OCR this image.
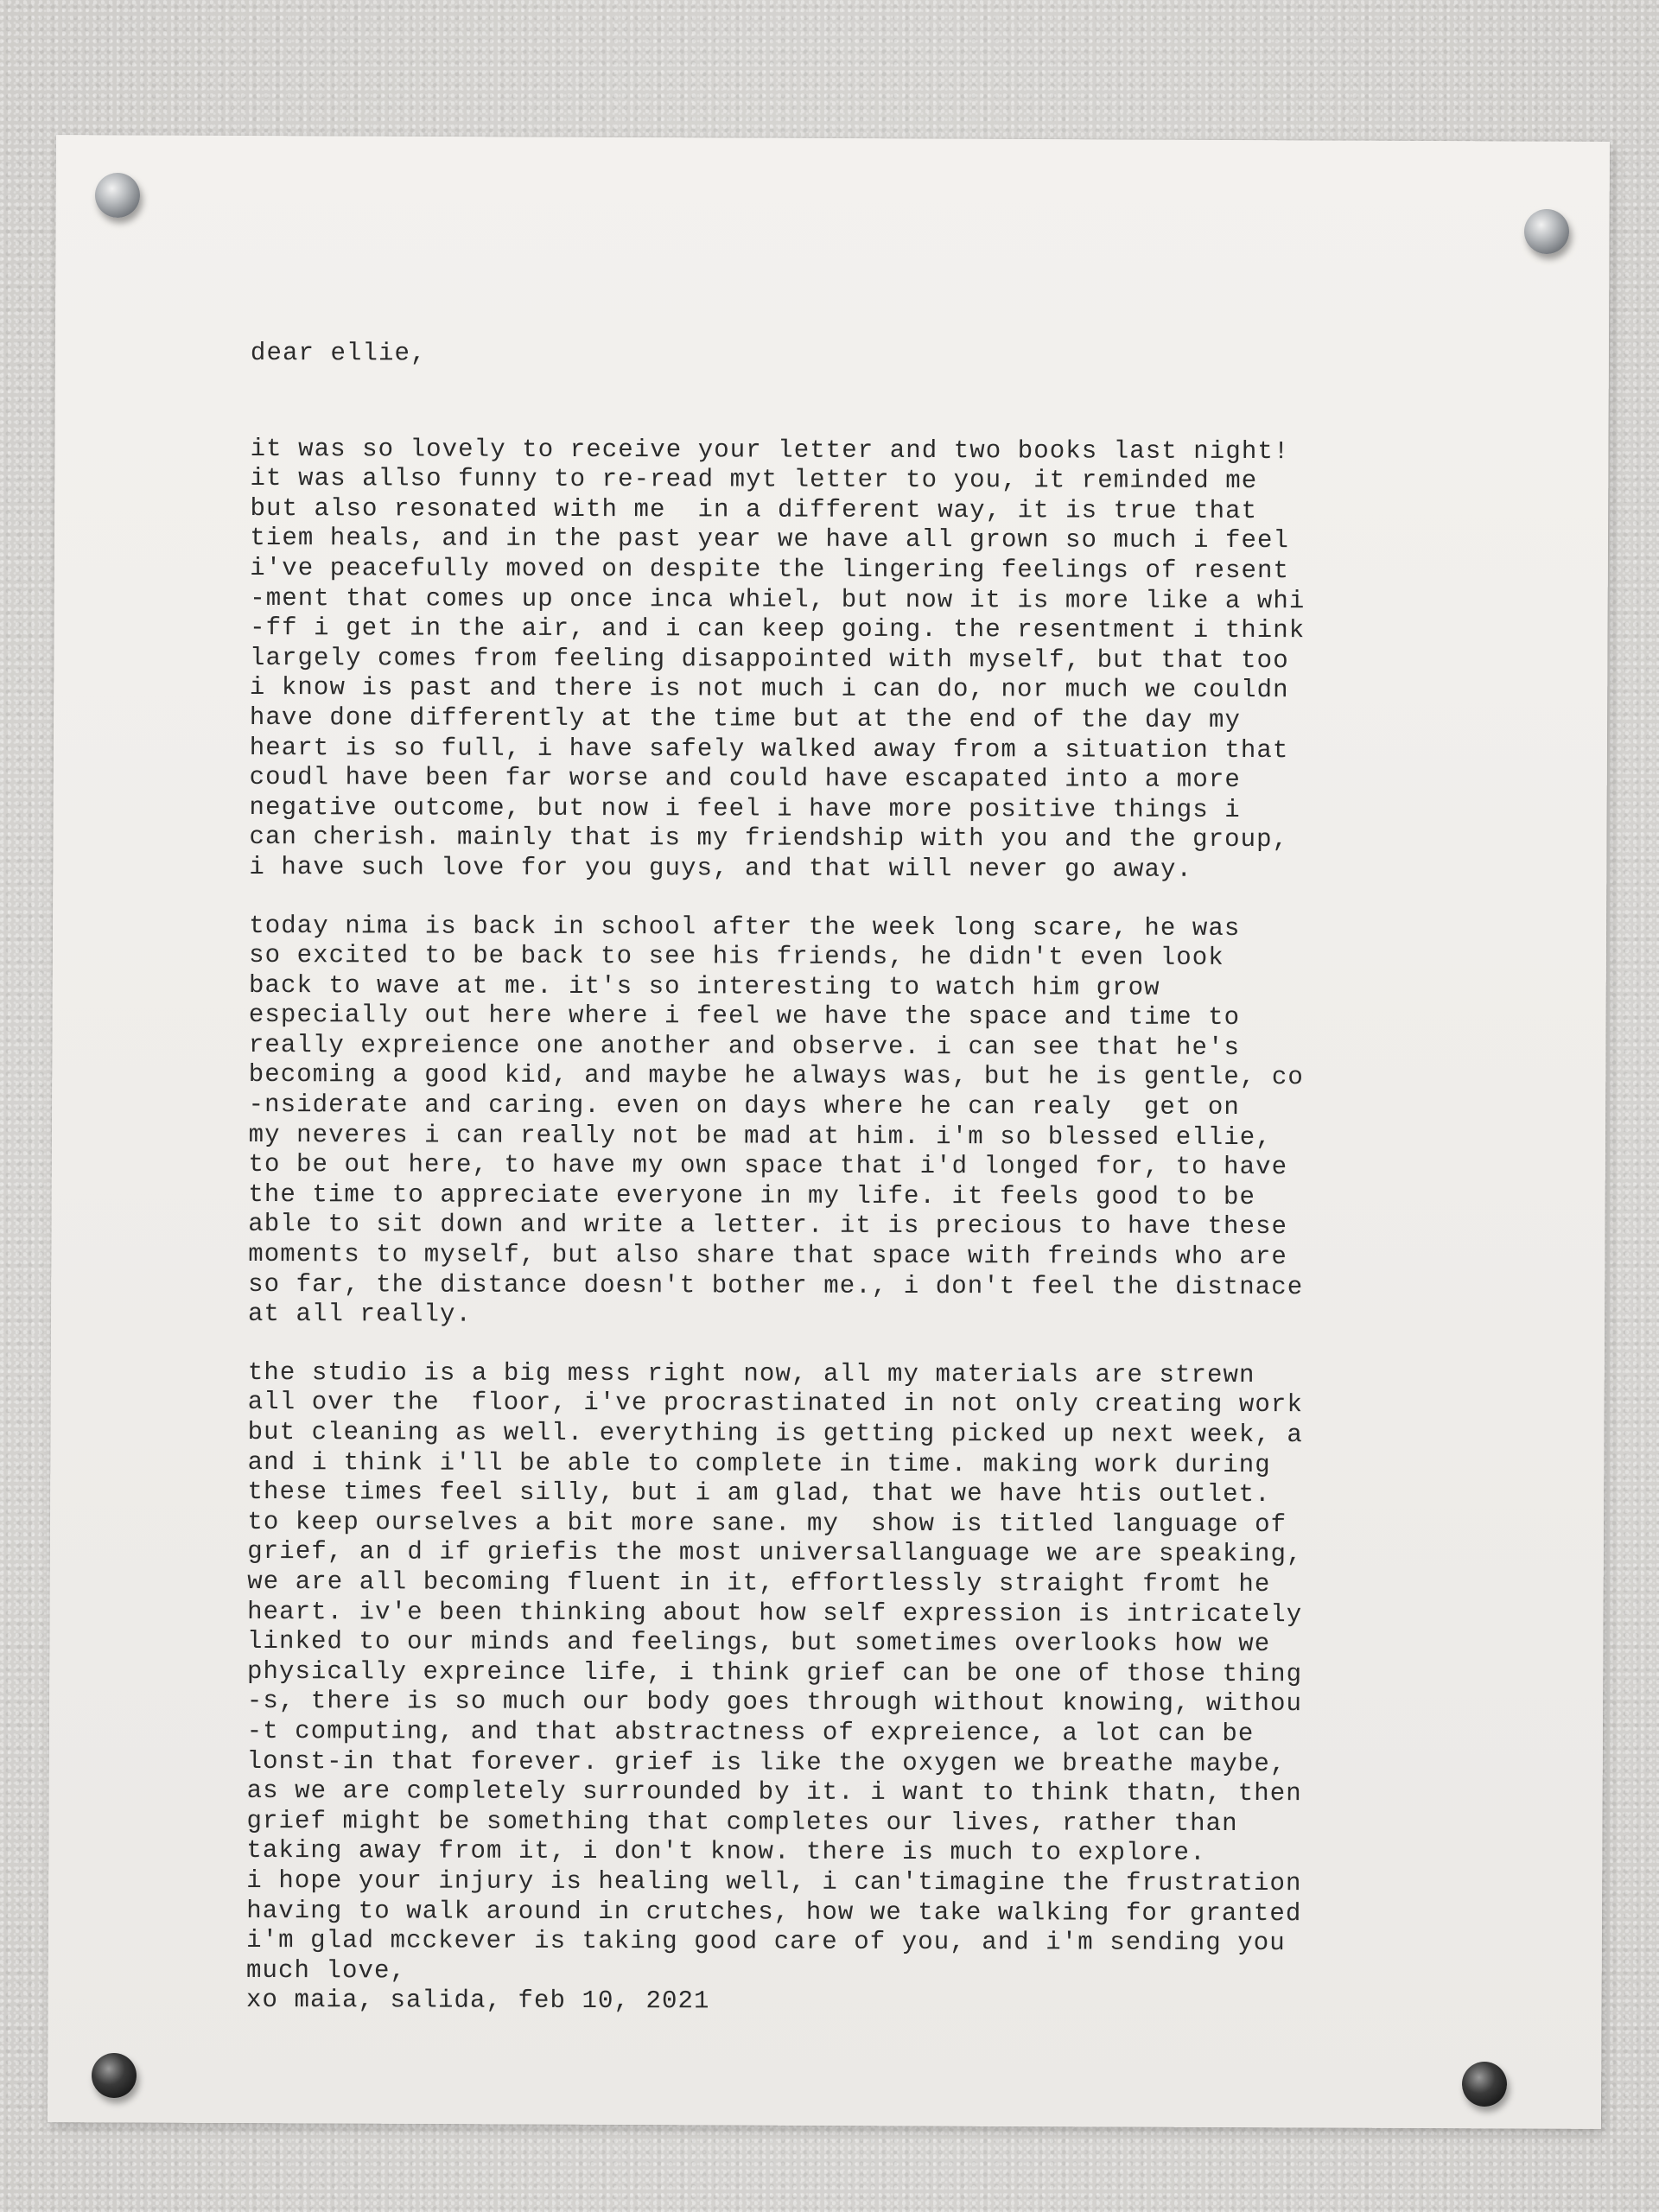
dear ellie,
it was so lovely to receive your letter and two books last night!
it was allso funny to re-read myt letter to you, it reminded me
but also resonated with me  in a different way, it is true that
tiem heals, and in the past year we have all grown so much i feel
i've peacefully moved on despite the lingering feelings of resent
-ment that comes up once inca whiel, but now it is more like a whi
-ff i get in the air, and i can keep going. the resentment i think
largely comes from feeling disappointed with myself, but that too
i know is past and there is not much i can do, nor much we couldn
have done differently at the time but at the end of the day my
heart is so full, i have safely walked away from a situation that
coudl have been far worse and could have escapated into a more
negative outcome, but now i feel i have more positive things i
can cherish. mainly that is my friendship with you and the group,
i have such love for you guys, and that will never go away.
today nima is back in school after the week long scare, he was
so excited to be back to see his friends, he didn't even look
back to wave at me. it's so interesting to watch him grow
especially out here where i feel we have the space and time to
really expreience one another and observe. i can see that he's
becoming a good kid, and maybe he always was, but he is gentle, co
-nsiderate and caring. even on days where he can realy  get on
my neveres i can really not be mad at him. i'm so blessed ellie,
to be out here, to have my own space that i'd longed for, to have
the time to appreciate everyone in my life. it feels good to be
able to sit down and write a letter. it is precious to have these
moments to myself, but also share that space with freinds who are
so far, the distance doesn't bother me., i don't feel the distnace
at all really.
the studio is a big mess right now, all my materials are strewn
all over the  floor, i've procrastinated in not only creating work
but cleaning as well. everything is getting picked up next week, a
and i think i'll be able to complete in time. making work during
these times feel silly, but i am glad, that we have htis outlet.
to keep ourselves a bit more sane. my  show is titled language of
grief, an d if griefis the most universallanguage we are speaking,
we are all becoming fluent in it, effortlessly straight fromt he
heart. iv'e been thinking about how self expression is intricately
linked to our minds and feelings, but sometimes overlooks how we
physically expreince life, i think grief can be one of those thing
-s, there is so much our body goes through without knowing, withou
-t computing, and that abstractness of expreience, a lot can be
lonst-in that forever. grief is like the oxygen we breathe maybe,
as we are completely surrounded by it. i want to think thatn, then
grief might be something that completes our lives, rather than
taking away from it, i don't know. there is much to explore.
i hope your injury is healing well, i can'timagine the frustration
having to walk around in crutches, how we take walking for granted
i'm glad mcckever is taking good care of you, and i'm sending you
much love,
xo maia, salida, feb 10, 2021
